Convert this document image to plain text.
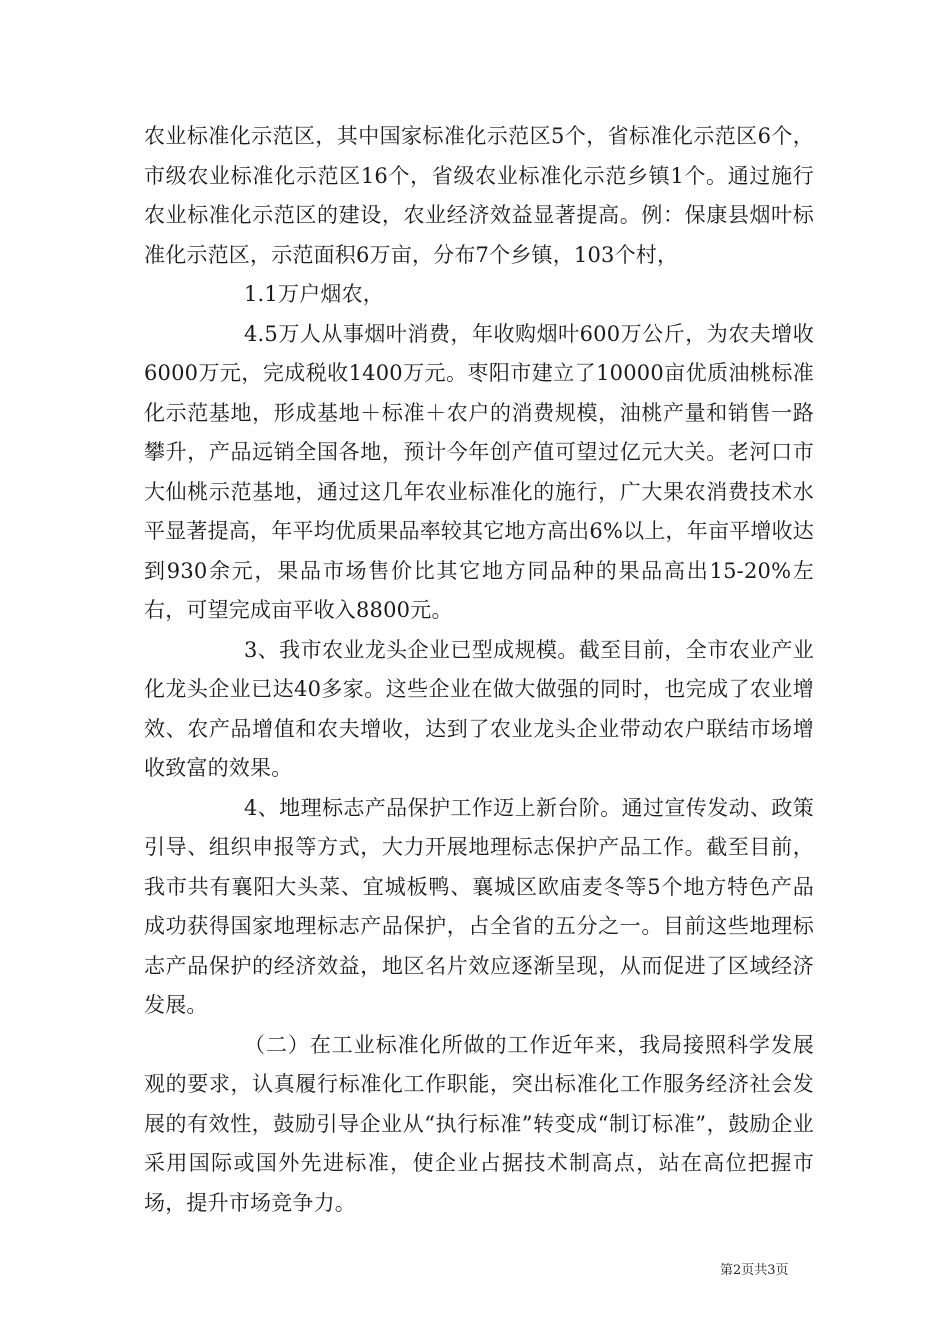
农业标准化示范区，其中国家标准化示范区5个，省标准化示范区6个，市级农业标准化示范区16个，省级农业标准化示范乡镇1个。通过施行农业标准化示范区的建设，农业经济效益显著提高。例：保康县烟叶标准化示范区，示范面积6万亩，分布7个乡镇，103个村，

1.1万户烟农，

4.5万人从事烟叶消费，年收购烟叶600万公斤，为农夫增收6000万元，完成税收1400万元。枣阳市建立了10000亩优质油桃标准化示范基地，形成基地＋标准＋农户的消费规模，油桃产量和销售一路攀升，产品远销全国各地，预计今年创产值可望过亿元大关。老河口市大仙桃示范基地，通过这几年农业标准化的施行，广大果农消费技术水平显著提高，年平均优质果品率较其它地方高出6%以上，年亩平增收达到930余元，果品市场售价比其它地方同品种的果品高出15-20%左右，可望完成亩平收入8800元。

3、我市农业龙头企业已型成规模。截至目前，全市农业产业化龙头企业已达40多家。这些企业在做大做强的同时，也完成了农业增效、农产品增值和农夫增收，达到了农业龙头企业带动农户联结市场增收致富的效果。

4、地理标志产品保护工作迈上新台阶。通过宣传发动、政策引导、组织申报等方式，大力开展地理标志保护产品工作。截至目前，我市共有襄阳大头菜、宜城板鸭、襄城区欧庙麦冬等5个地方特色产品成功获得国家地理标志产品保护，占全省的五分之一。目前这些地理标志产品保护的经济效益，地区名片效应逐渐呈现，从而促进了区域经济发展。

（二）在工业标准化所做的工作近年来，我局接照科学发展观的要求，认真履行标准化工作职能，突出标准化工作服务经济社会发展的有效性，鼓励引导企业从“执行标准”转变成“制订标准”，鼓励企业采用国际或国外先进标准，使企业占据技术制高点，站在高位把握市场，提升市场竞争力。

第2页共3页
